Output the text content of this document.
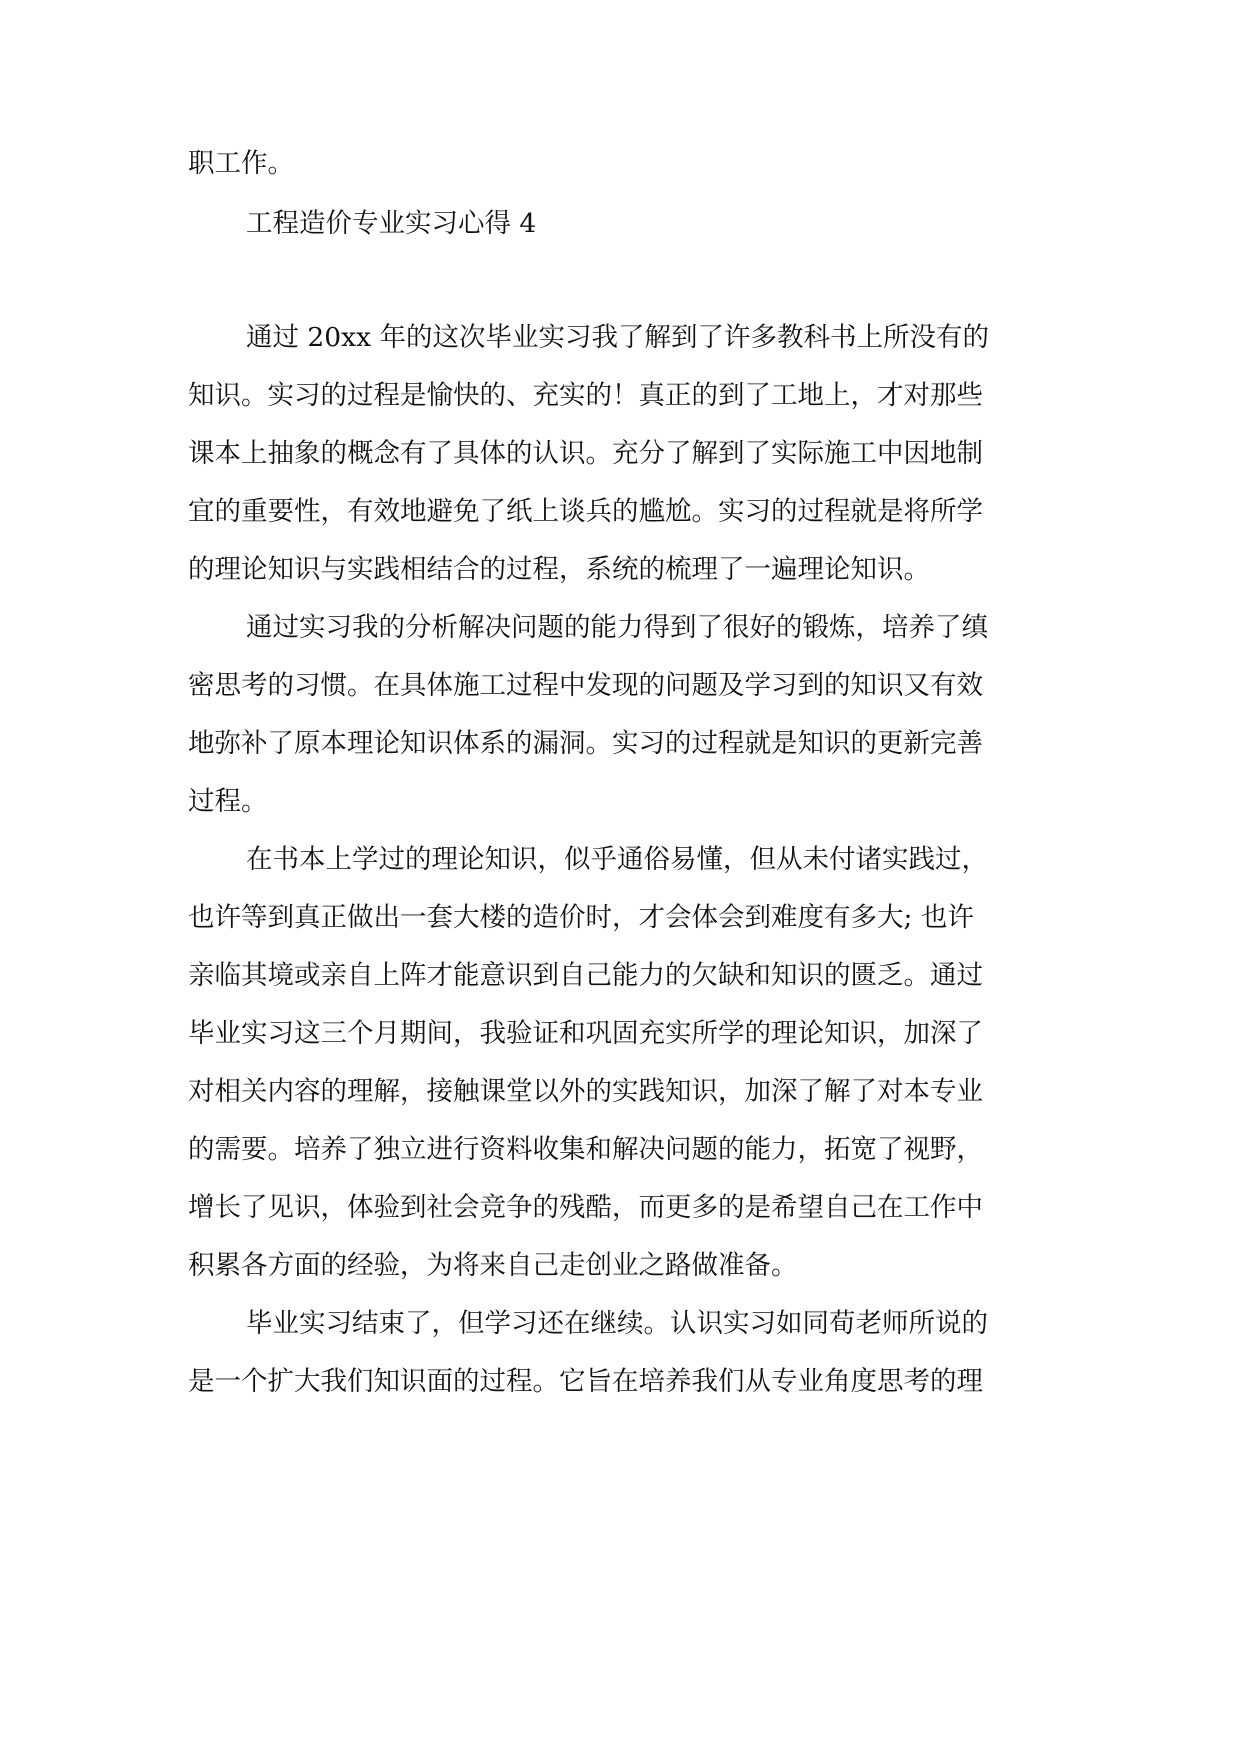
职工作。
工程造价专业实习心得 4
通过 20xx 年的这次毕业实习我了解到了许多教科书上所没有的
知识。实习的过程是愉快的、充实的！真正的到了工地上，才对那些
课本上抽象的概念有了具体的认识。充分了解到了实际施工中因地制
宜的重要性，有效地避免了纸上谈兵的尴尬。实习的过程就是将所学
的理论知识与实践相结合的过程，系统的梳理了一遍理论知识。
通过实习我的分析解决问题的能力得到了很好的锻炼，培养了缜
密思考的习惯。在具体施工过程中发现的问题及学习到的知识又有效
地弥补了原本理论知识体系的漏洞。实习的过程就是知识的更新完善
过程。
在书本上学过的理论知识，似乎通俗易懂，但从未付诸实践过，
也许等到真正做出一套大楼的造价时，才会体会到难度有多大; 也许
亲临其境或亲自上阵才能意识到自己能力的欠缺和知识的匮乏。通过
毕业实习这三个月期间，我验证和巩固充实所学的理论知识，加深了
对相关内容的理解，接触课堂以外的实践知识，加深了解了对本专业
的需要。培养了独立进行资料收集和解决问题的能力，拓宽了视野，
增长了见识，体验到社会竞争的残酷，而更多的是希望自己在工作中
积累各方面的经验，为将来自己走创业之路做准备。
毕业实习结束了，但学习还在继续。认识实习如同荀老师所说的
是一个扩大我们知识面的过程。它旨在培养我们从专业角度思考的理
